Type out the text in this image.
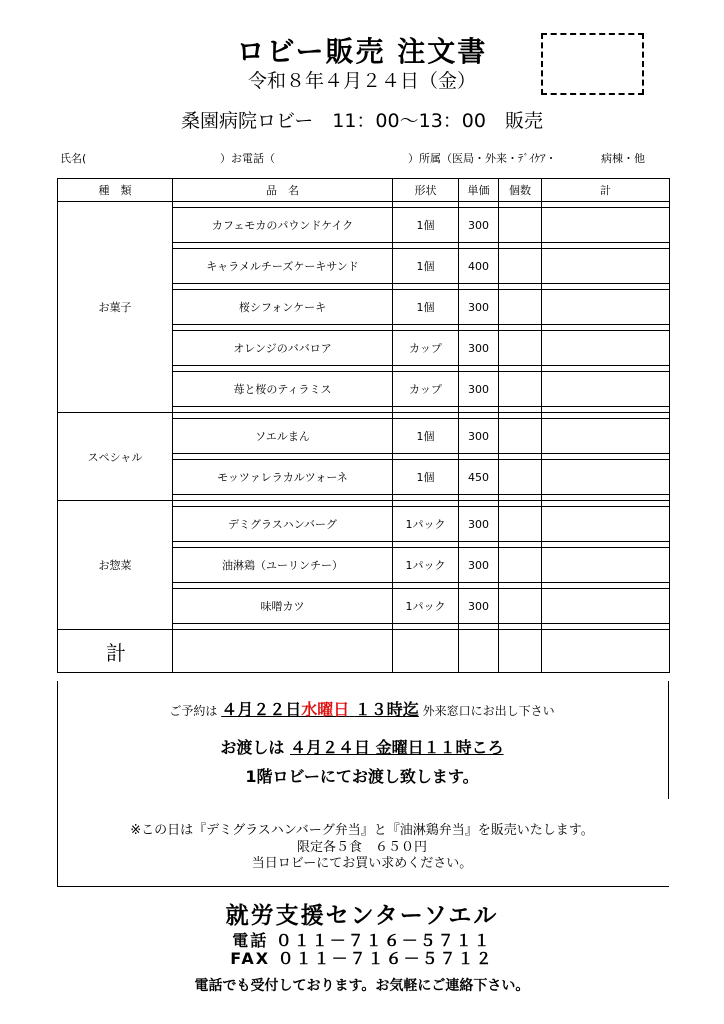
ロビー販売 注文書
令和８年４月２４日（金）
桑園病院ロビー　11：00～13：00　販売
氏名(	）お電話（	）所属（医局・外来・ﾃﾞｲｹｱ・	病棟・他
種　類	品　名	形状	単価	個数	計
お菓子					
	カフェモカのパウンドケイク	1個	300		

	キャラメルチーズケーキサンド	1個	400		

	桜シフォンケーキ	1個	300		

	オレンジのババロア	カップ	300		

	苺と桜のティラミス	カップ	300		

スペシャル					
	ソエルまん	1個	300		

	モッツァレラカルツォーネ	1個	450		

お惣菜					
	デミグラスハンバーグ	1パック	300		

	油淋鶏（ユーリンチー）	1パック	300		

	味噌カツ	1パック	300		

計					
ご予約は ４月２２日水曜日 １３時迄 外来窓口にお出し下さい
お渡しは ４月２４日 金曜日１１時ころ
1階ロビーにてお渡し致します。
※この日は『デミグラスハンバーグ弁当』と『油淋鶏弁当』を販売いたします。
限定各５食　６５０円
当日ロビーにてお買い求めください。
就労支援センターソエル
電話 ０１１－７１６－５７１１
FAX ０１１－７１６－５７１２
電話でも受付しております。お気軽にご連絡下さい。
